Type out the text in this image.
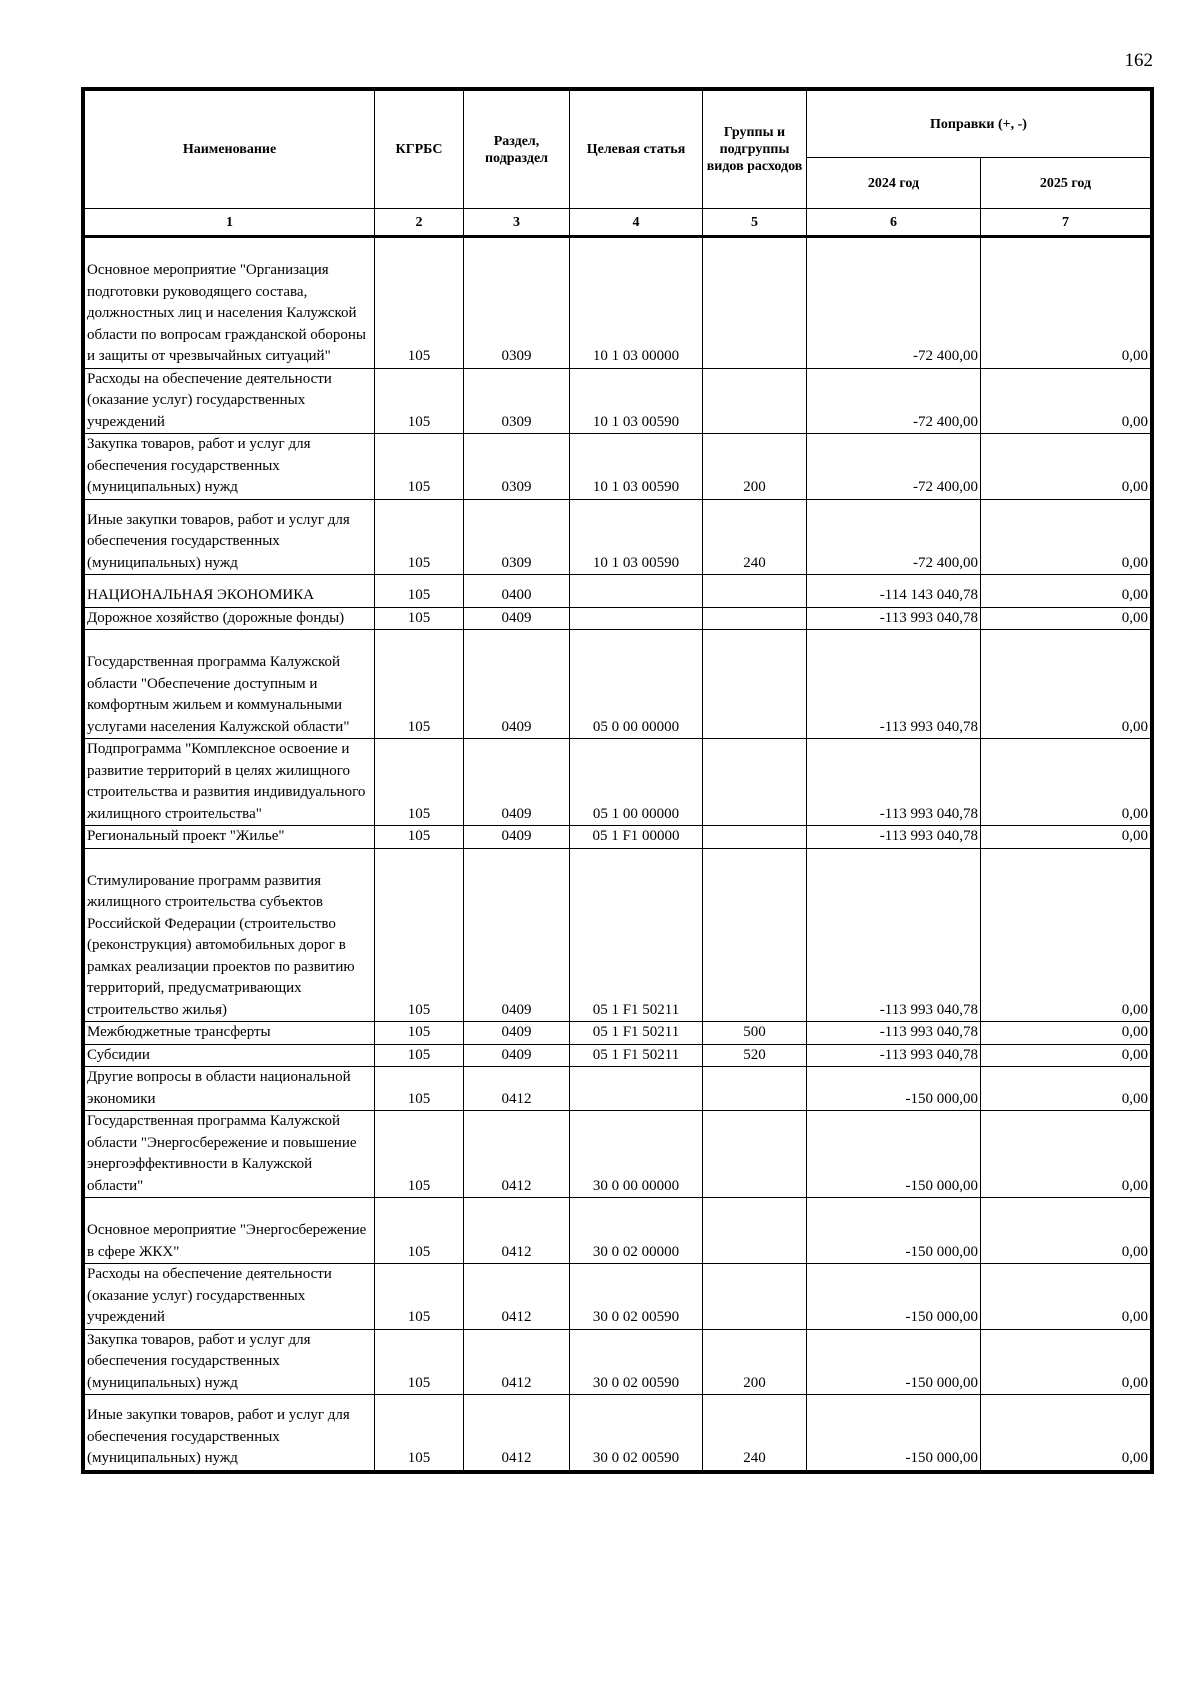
162
Наименование	КГРБС	Раздел, подраздел	Целевая статья	Группы и подгруппы видов расходов	Поправки (+, -)	
					2024 год	2025 год
1	2	3	4	5	6	7
Основное мероприятие "Организация подготовки руководящего состава, должностных лиц и населения Калужской области по вопросам гражданской обороны и защиты от чрезвычайных ситуаций"	105	0309	10 1 03 00000		-72 400,00	0,00
Расходы на обеспечение деятельности (оказание услуг) государственных учреждений	105	0309	10 1 03 00590		-72 400,00	0,00
Закупка товаров, работ и услуг для обеспечения государственных (муниципальных) нужд	105	0309	10 1 03 00590	200	-72 400,00	0,00
Иные закупки товаров, работ и услуг для обеспечения государственных (муниципальных) нужд	105	0309	10 1 03 00590	240	-72 400,00	0,00
НАЦИОНАЛЬНАЯ ЭКОНОМИКА	105	0400			-114 143 040,78	0,00
Дорожное хозяйство (дорожные фонды)	105	0409			-113 993 040,78	0,00
Государственная программа Калужской области "Обеспечение доступным и комфортным жильем и коммунальными услугами населения Калужской области"	105	0409	05 0 00 00000		-113 993 040,78	0,00
Подпрограмма "Комплексное освоение и развитие территорий в целях жилищного строительства и развития индивидуального жилищного строительства"	105	0409	05 1 00 00000		-113 993 040,78	0,00
Региональный проект "Жилье"	105	0409	05 1 F1 00000		-113 993 040,78	0,00
Стимулирование программ развития жилищного строительства субъектов Российской Федерации (строительство (реконструкция) автомобильных дорог в рамках реализации проектов по развитию территорий, предусматривающих строительство жилья)	105	0409	05 1 F1 50211		-113 993 040,78	0,00
Межбюджетные трансферты	105	0409	05 1 F1 50211	500	-113 993 040,78	0,00
Субсидии	105	0409	05 1 F1 50211	520	-113 993 040,78	0,00
Другие вопросы в области национальной экономики	105	0412			-150 000,00	0,00
Государственная программа Калужской области "Энергосбережение и повышение энергоэффективности в Калужской области"	105	0412	30 0 00 00000		-150 000,00	0,00
Основное мероприятие "Энергосбережение в сфере ЖКХ"	105	0412	30 0 02 00000		-150 000,00	0,00
Расходы на обеспечение деятельности (оказание услуг) государственных учреждений	105	0412	30 0 02 00590		-150 000,00	0,00
Закупка товаров, работ и услуг для обеспечения государственных (муниципальных) нужд	105	0412	30 0 02 00590	200	-150 000,00	0,00
Иные закупки товаров, работ и услуг для обеспечения государственных (муниципальных) нужд	105	0412	30 0 02 00590	240	-150 000,00	0,00
